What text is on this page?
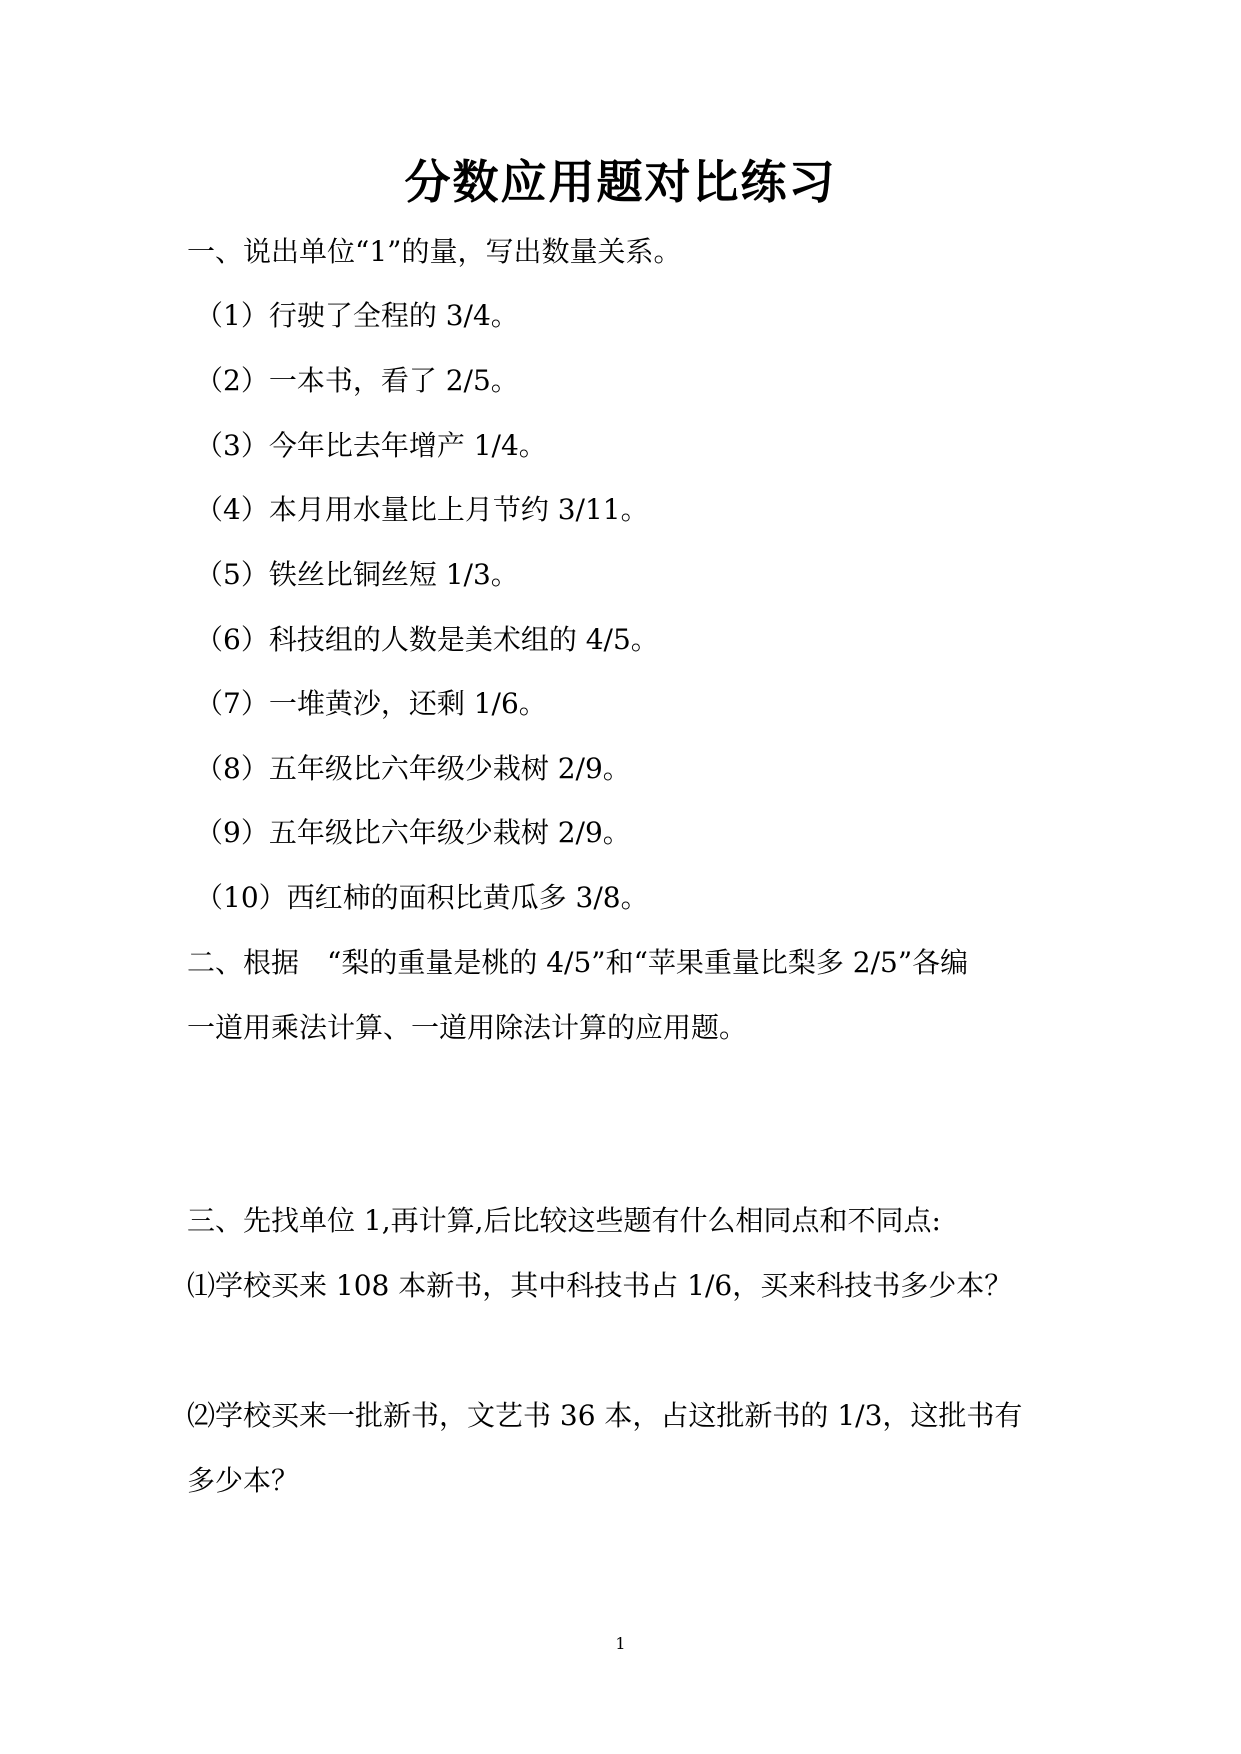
分数应用题对比练习
一、说出单位“1”的量，写出数量关系。
（1）行驶了全程的 3/4。
（2）一本书，看了 2/5。
（3）今年比去年增产 1/4。
（4）本月用水量比上月节约 3/11。
（5）铁丝比铜丝短 1/3。
（6）科技组的人数是美术组的 4/5。
（7）一堆黄沙，还剩 1/6。
（8）五年级比六年级少栽树 2/9。
（9）五年级比六年级少栽树 2/9。
（10）西红柿的面积比黄瓜多 3/8。
二、根据　“梨的重量是桃的 4/5”和“苹果重量比梨多 2/5”各编
一道用乘法计算、一道用除法计算的应用题。
三、先找单位 1,再计算,后比较这些题有什么相同点和不同点:
⑴学校买来 108 本新书，其中科技书占 1/6，买来科技书多少本？
⑵学校买来一批新书，文艺书 36 本，占这批新书的 1/3，这批书有
多少本？
1
